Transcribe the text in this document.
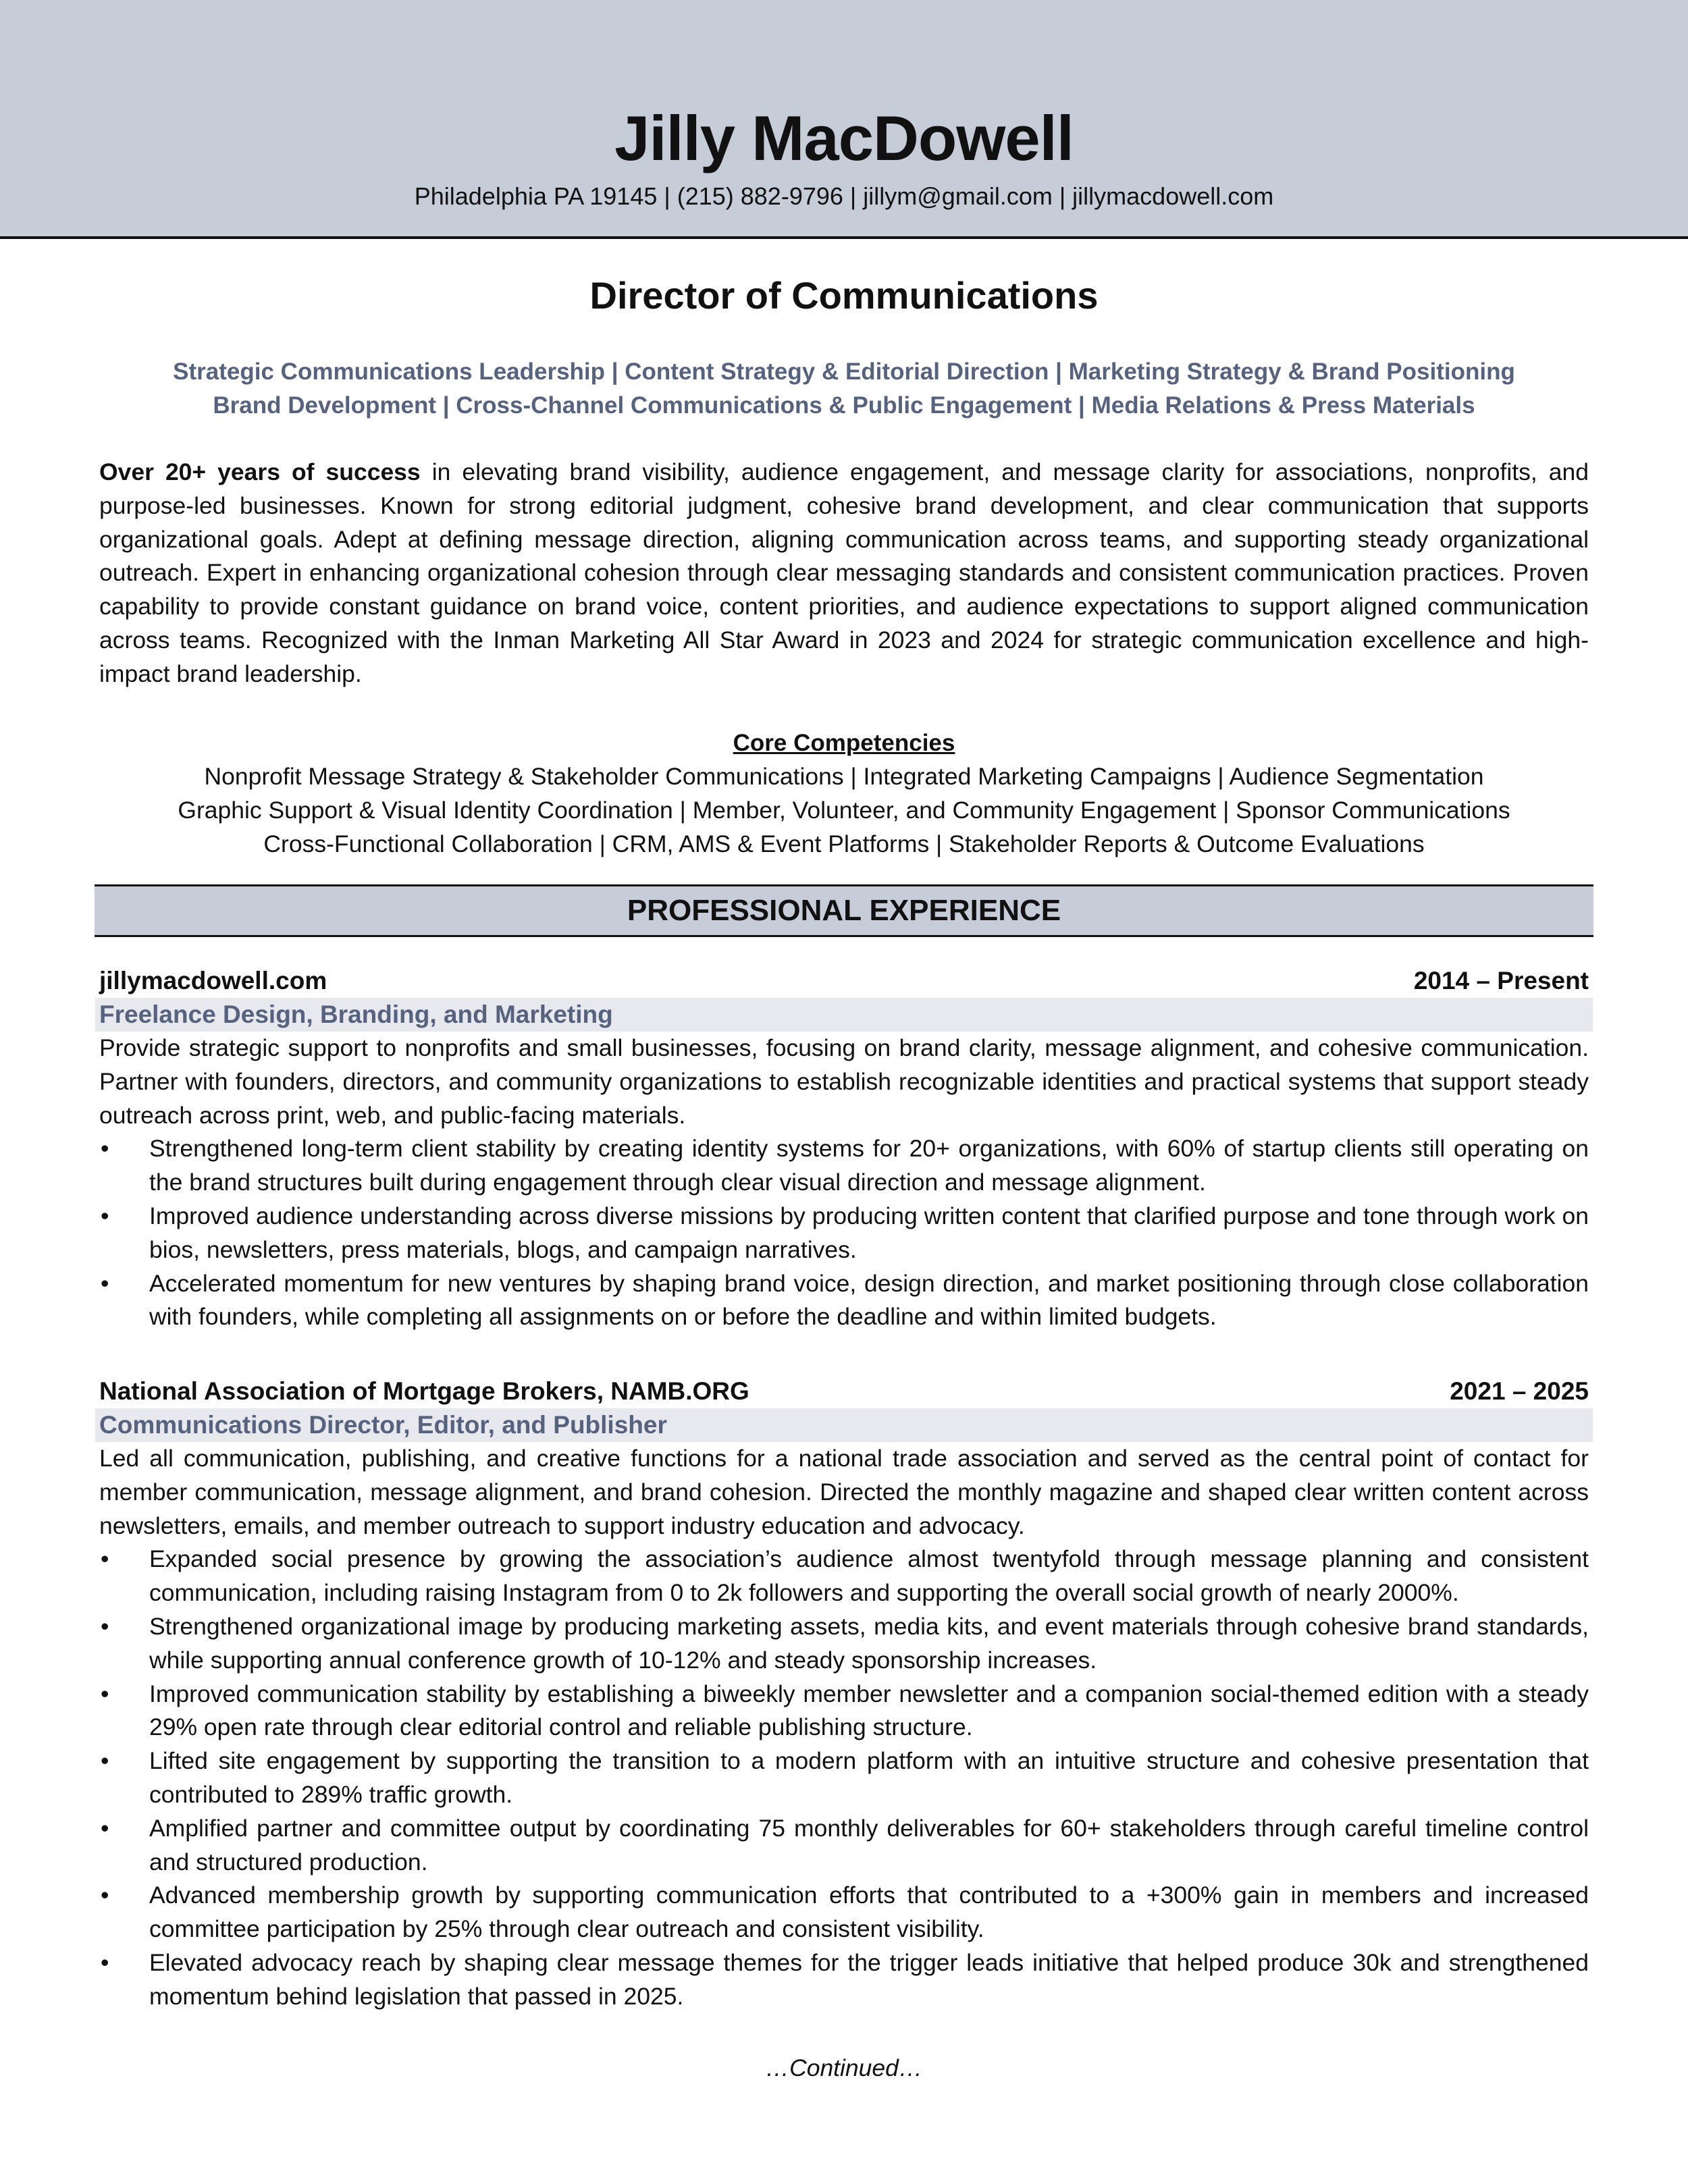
Jilly MacDowell
Philadelphia PA 19145 | (215) 882-9796 | jillym@gmail.com | jillymacdowell.com
Director of Communications
Strategic Communications Leadership | Content Strategy & Editorial Direction | Marketing Strategy & Brand Positioning
Brand Development | Cross-Channel Communications & Public Engagement | Media Relations & Press Materials
Over 20+ years of success in elevating brand visibility, audience engagement, and message clarity for associations, nonprofits, and purpose-led businesses. Known for strong editorial judgment, cohesive brand development, and clear communication that supports organizational goals. Adept at defining message direction, aligning communication across teams, and supporting steady organizational outreach. Expert in enhancing organizational cohesion through clear messaging standards and consistent communication practices. Proven capability to provide constant guidance on brand voice, content priorities, and audience expectations to support aligned communication across teams. Recognized with the Inman Marketing All Star Award in 2023 and 2024 for strategic communication excellence and high-impact brand leadership.
Core Competencies
Nonprofit Message Strategy & Stakeholder Communications | Integrated Marketing Campaigns | Audience Segmentation
Graphic Support & Visual Identity Coordination | Member, Volunteer, and Community Engagement | Sponsor Communications
Cross-Functional Collaboration | CRM, AMS & Event Platforms | Stakeholder Reports & Outcome Evaluations
PROFESSIONAL EXPERIENCE
jillymacdowell.com	2014 – Present
Freelance Design, Branding, and Marketing
Provide strategic support to nonprofits and small businesses, focusing on brand clarity, message alignment, and cohesive communication. Partner with founders, directors, and community organizations to establish recognizable identities and practical systems that support steady outreach across print, web, and public-facing materials.
• Strengthened long-term client stability by creating identity systems for 20+ organizations, with 60% of startup clients still operating on the brand structures built during engagement through clear visual direction and message alignment.
• Improved audience understanding across diverse missions by producing written content that clarified purpose and tone through work on bios, newsletters, press materials, blogs, and campaign narratives.
• Accelerated momentum for new ventures by shaping brand voice, design direction, and market positioning through close collaboration with founders, while completing all assignments on or before the deadline and within limited budgets.
National Association of Mortgage Brokers, NAMB.ORG	2021 – 2025
Communications Director, Editor, and Publisher
Led all communication, publishing, and creative functions for a national trade association and served as the central point of contact for member communication, message alignment, and brand cohesion. Directed the monthly magazine and shaped clear written content across newsletters, emails, and member outreach to support industry education and advocacy.
• Expanded social presence by growing the association’s audience almost twentyfold through message planning and consistent communication, including raising Instagram from 0 to 2k followers and supporting the overall social growth of nearly 2000%.
• Strengthened organizational image by producing marketing assets, media kits, and event materials through cohesive brand standards, while supporting annual conference growth of 10-12% and steady sponsorship increases.
• Improved communication stability by establishing a biweekly member newsletter and a companion social-themed edition with a steady 29% open rate through clear editorial control and reliable publishing structure.
• Lifted site engagement by supporting the transition to a modern platform with an intuitive structure and cohesive presentation that contributed to 289% traffic growth.
• Amplified partner and committee output by coordinating 75 monthly deliverables for 60+ stakeholders through careful timeline control and structured production.
• Advanced membership growth by supporting communication efforts that contributed to a +300% gain in members and increased committee participation by 25% through clear outreach and consistent visibility.
• Elevated advocacy reach by shaping clear message themes for the trigger leads initiative that helped produce 30k and strengthened momentum behind legislation that passed in 2025.
…Continued…
